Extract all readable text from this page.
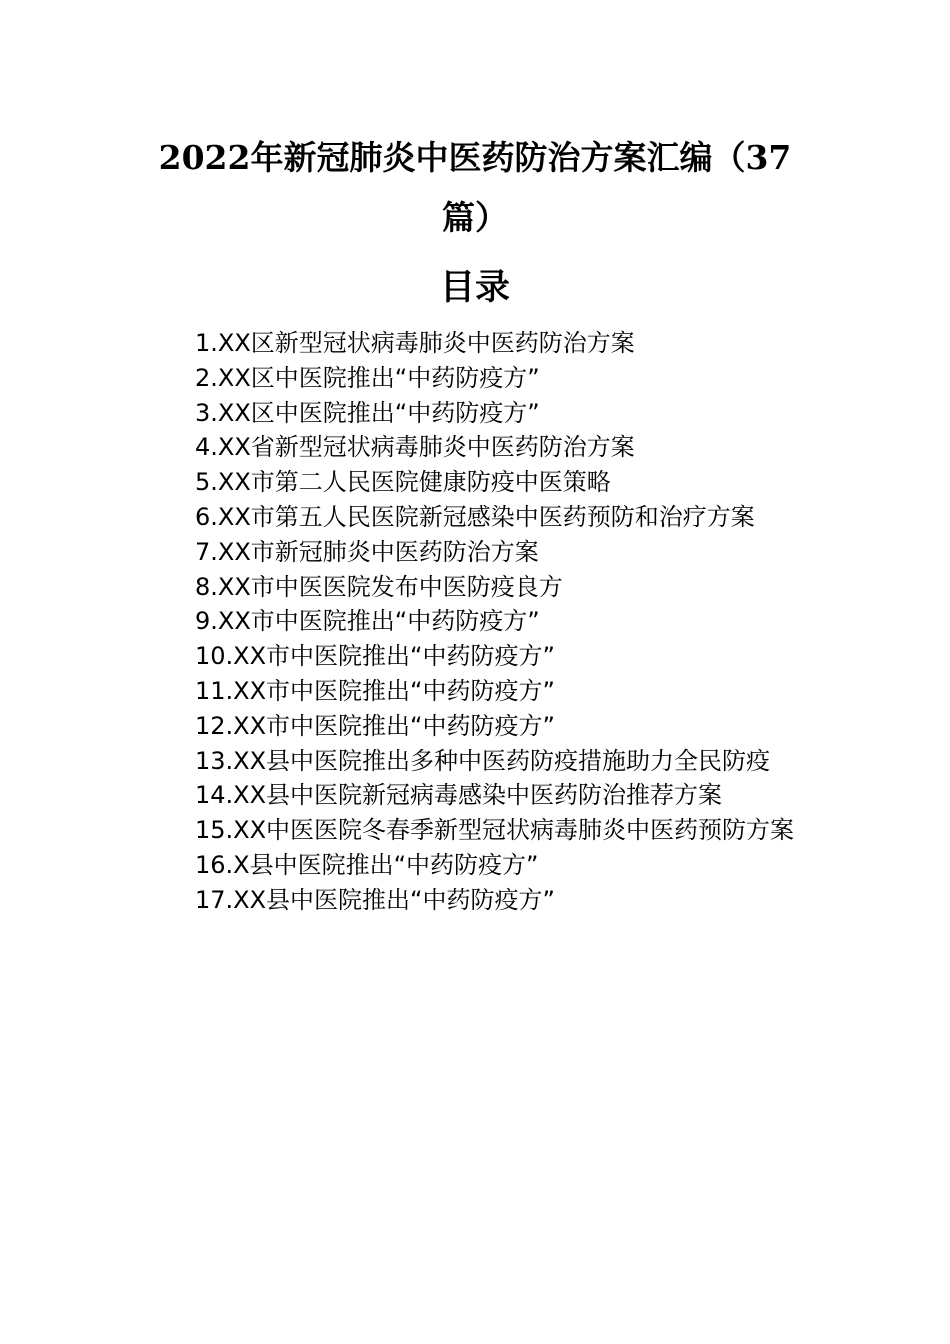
2022年新冠肺炎中医药防治方案汇编（37篇）
目录
1.XX区新型冠状病毒肺炎中医药防治方案
2.XX区中医院推出“中药防疫方”
3.XX区中医院推出“中药防疫方”
4.XX省新型冠状病毒肺炎中医药防治方案
5.XX市第二人民医院健康防疫中医策略
6.XX市第五人民医院新冠感染中医药预防和治疗方案
7.XX市新冠肺炎中医药防治方案
8.XX市中医医院发布中医防疫良方
9.XX市中医院推出“中药防疫方”
10.XX市中医院推出“中药防疫方”
11.XX市中医院推出“中药防疫方”
12.XX市中医院推出“中药防疫方”
13.XX县中医院推出多种中医药防疫措施助力全民防疫
14.XX县中医院新冠病毒感染中医药防治推荐方案
15.XX中医医院冬春季新型冠状病毒肺炎中医药预防方案
16.X县中医院推出“中药防疫方”
17.XX县中医院推出“中药防疫方”
